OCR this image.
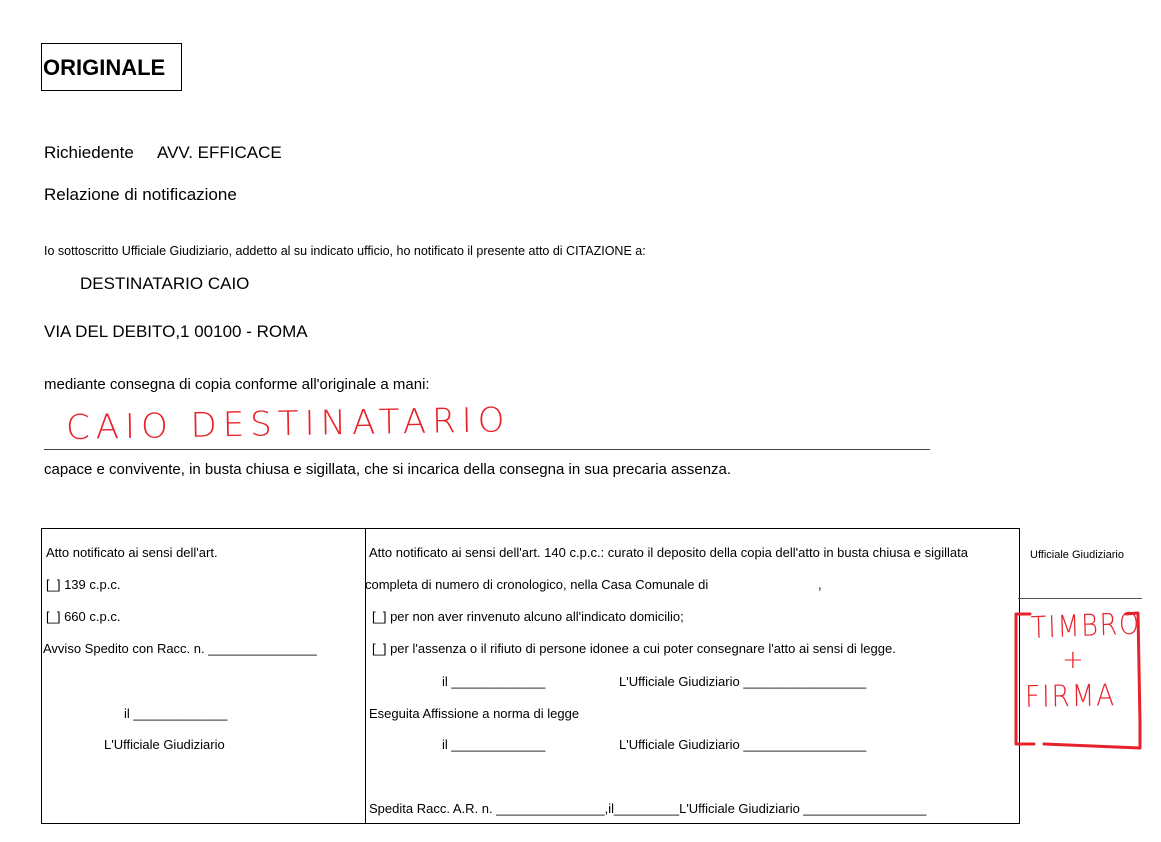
ORIGINALE
Richiedente AVV. EFFICACE
Relazione di notificazione
Io sottoscritto Ufficiale Giudiziario, addetto al su indicato ufficio, ho notificato il presente atto di CITAZIONE a:
DESTINATARIO CAIO
VIA DEL DEBITO,1 00100 - ROMA
mediante consegna di copia conforme all'originale a mani:
CAIO DESTINATARIO
capace e convivente, in busta chiusa e sigillata, che si incarica della consegna in sua precaria assenza.
Atto notificato ai sensi dell'art.
[_] 139 c.p.c.
[_] 660 c.p.c.
Avviso Spedito con Racc. n. _______________
il _____________
L'Ufficiale Giudiziario
Atto notificato ai sensi dell'art. 140 c.p.c.: curato il deposito della copia dell'atto in busta chiusa e sigillata
completa di numero di cronologico, nella Casa Comunale di	,
[_] per non aver rinvenuto alcuno all'indicato domicilio;
[_] per l'assenza o il rifiuto di persone idonee a cui poter consegnare l'atto ai sensi di legge.
il _____________	L'Ufficiale Giudiziario _________________
Eseguita Affissione a norma di legge
il _____________	L'Ufficiale Giudiziario _________________
Spedita Racc. A.R. n. _______________,il_________L'Ufficiale Giudiziario _________________
Ufficiale Giudiziario
TIMBRO
+
FIRMA
